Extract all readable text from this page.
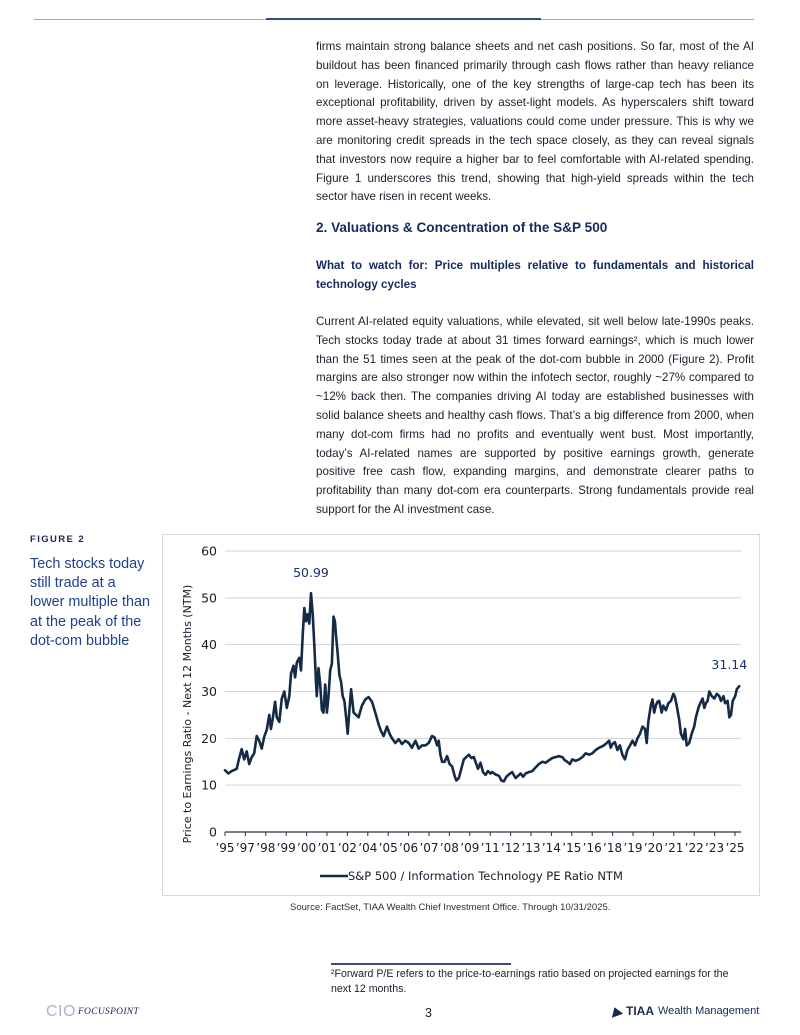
firms maintain strong balance sheets and net cash positions. So far, most of the AI buildout has been financed primarily through cash flows rather than heavy reliance on leverage. Historically, one of the key strengths of large-cap tech has been its exceptional profitability, driven by asset-light models. As hyperscalers shift toward more asset-heavy strategies, valuations could come under pressure. This is why we are monitoring credit spreads in the tech space closely, as they can reveal signals that investors now require a higher bar to feel comfortable with AI-related spending. Figure 1 underscores this trend, showing that high-yield spreads within the tech sector have risen in recent weeks.
2. Valuations & Concentration of the S&P 500
What to watch for: Price multiples relative to fundamentals and historical technology cycles
Current AI-related equity valuations, while elevated, sit well below late-1990s peaks. Tech stocks today trade at about 31 times forward earnings², which is much lower than the 51 times seen at the peak of the dot-com bubble in 2000 (Figure 2). Profit margins are also stronger now within the infotech sector, roughly ~27% compared to ~12% back then. The companies driving AI today are established businesses with solid balance sheets and healthy cash flows. That’s a big difference from 2000, when many dot-com firms had no profits and eventually went bust. Most importantly, today’s AI-related names are supported by positive earnings growth, generate positive free cash flow, expanding margins, and demonstrate clearer paths to profitability than many dot-com era counterparts. Strong fundamentals provide real support for the AI investment case.
FIGURE 2
Tech stocks today still trade at a lower multiple than at the peak of the dot-com bubble
0
10
20
30
40
50
60
’95 ’97 ’98 ’99 ’00 ’01 ’02 ’04 ’05 ’06 ’07 ’08 ’09 ’11 ’12 ’13 ’14 ’15 ’16 ’18 ’19 ’20 ’21 ’22 ’23 ’25
Price to Earnings Ratio - Next 12 Months (NTM)
50.99
31.14
S&P 500 / Information Technology PE Ratio NTM
Source: FactSet, TIAA Wealth Chief Investment Office. Through 10/31/2025.
²Forward P/E refers to the price-to-earnings ratio based on projected earnings for the next 12 months.
CIO FOCUSPOINT	3	TIAA Wealth Management
